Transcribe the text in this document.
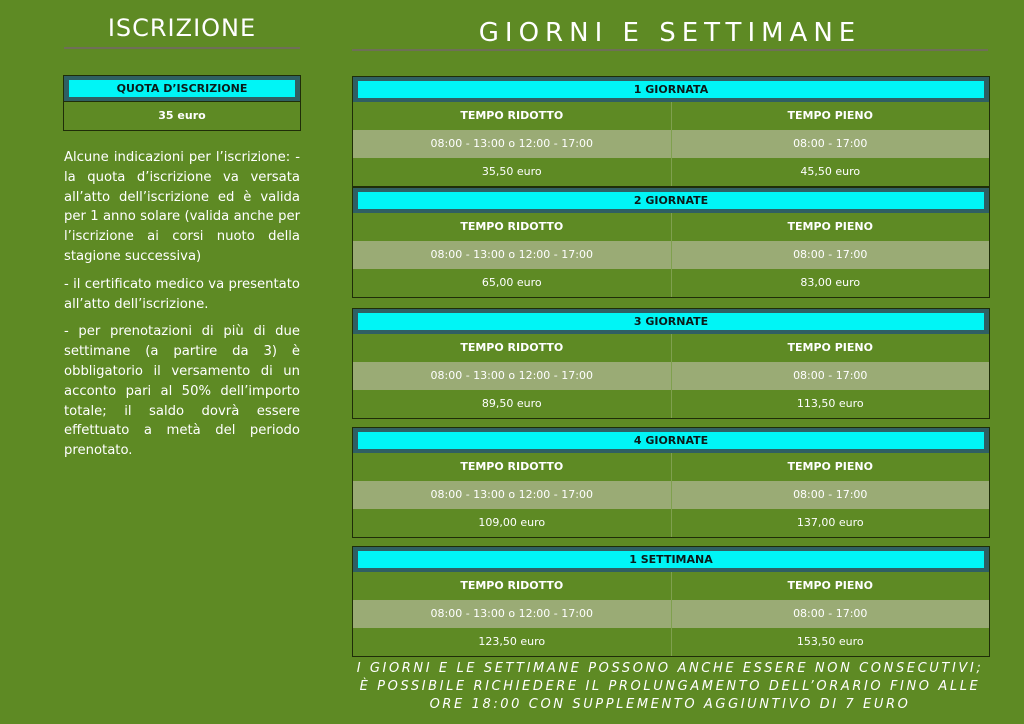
ISCRIZIONE
QUOTA D’ISCRIZIONE
35 euro

Alcune indicazioni per l’iscrizione: - la quota d’iscrizione va versata all’atto dell’iscrizione ed è valida per 1 anno solare (valida anche per l’iscrizione ai corsi nuoto della stagione successiva)

- il certificato medico va presentato all’atto dell’iscrizione.

- per prenotazioni di più di due settimane (a partire da 3) è obbligatorio il versamento di un acconto pari al 50% dell’importo totale; il saldo dovrà essere effettuato a metà del periodo prenotato.

GIORNI E SETTIMANE
1 GIORNATA
TEMPO RIDOTTO	TEMPO PIENO
08:00 - 13:00 o 12:00 - 17:00	08:00 - 17:00
35,50 euro	45,50 euro
2 GIORNATE
TEMPO RIDOTTO	TEMPO PIENO
08:00 - 13:00 o 12:00 - 17:00	08:00 - 17:00
65,00 euro	83,00 euro
3 GIORNATE
TEMPO RIDOTTO	TEMPO PIENO
08:00 - 13:00 o 12:00 - 17:00	08:00 - 17:00
89,50 euro	113,50 euro
4 GIORNATE
TEMPO RIDOTTO	TEMPO PIENO
08:00 - 13:00 o 12:00 - 17:00	08:00 - 17:00
109,00 euro	137,00 euro
1 SETTIMANA
TEMPO RIDOTTO	TEMPO PIENO
08:00 - 13:00 o 12:00 - 17:00	08:00 - 17:00
123,50 euro	153,50 euro
I GIORNI E LE SETTIMANE POSSONO ANCHE ESSERE NON CONSECUTIVI;
È POSSIBILE RICHIEDERE IL PROLUNGAMENTO DELL’ORARIO FINO ALLE
ORE 18:00 CON SUPPLEMENTO AGGIUNTIVO DI 7 EURO
